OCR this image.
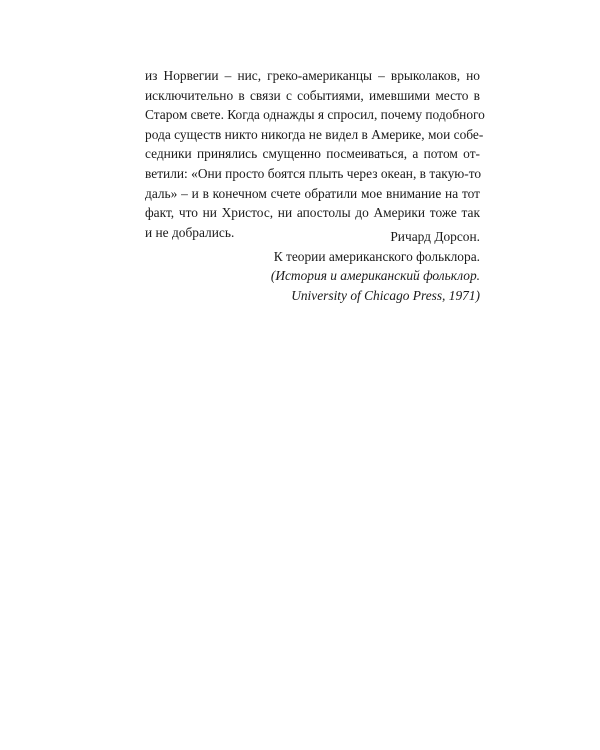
из Норвегии – нис, греко-американцы – врыколаков, но
исключительно в связи с событиями, имевшими место в
Старом свете. Когда однажды я спросил, почему подобного
рода существ никто никогда не видел в Америке, мои собе-
седники принялись смущенно посмеиваться, а потом от-
ветили: «Они просто боятся плыть через океан, в такую-то
даль» – и в конечном счете обратили мое внимание на тот
факт, что ни Христос, ни апостолы до Америки тоже так
и не добрались.	Ричард Дорсон.
К теории американского фольклора.
(История и американский фольклор.
University of Chicago Press, 1971)
